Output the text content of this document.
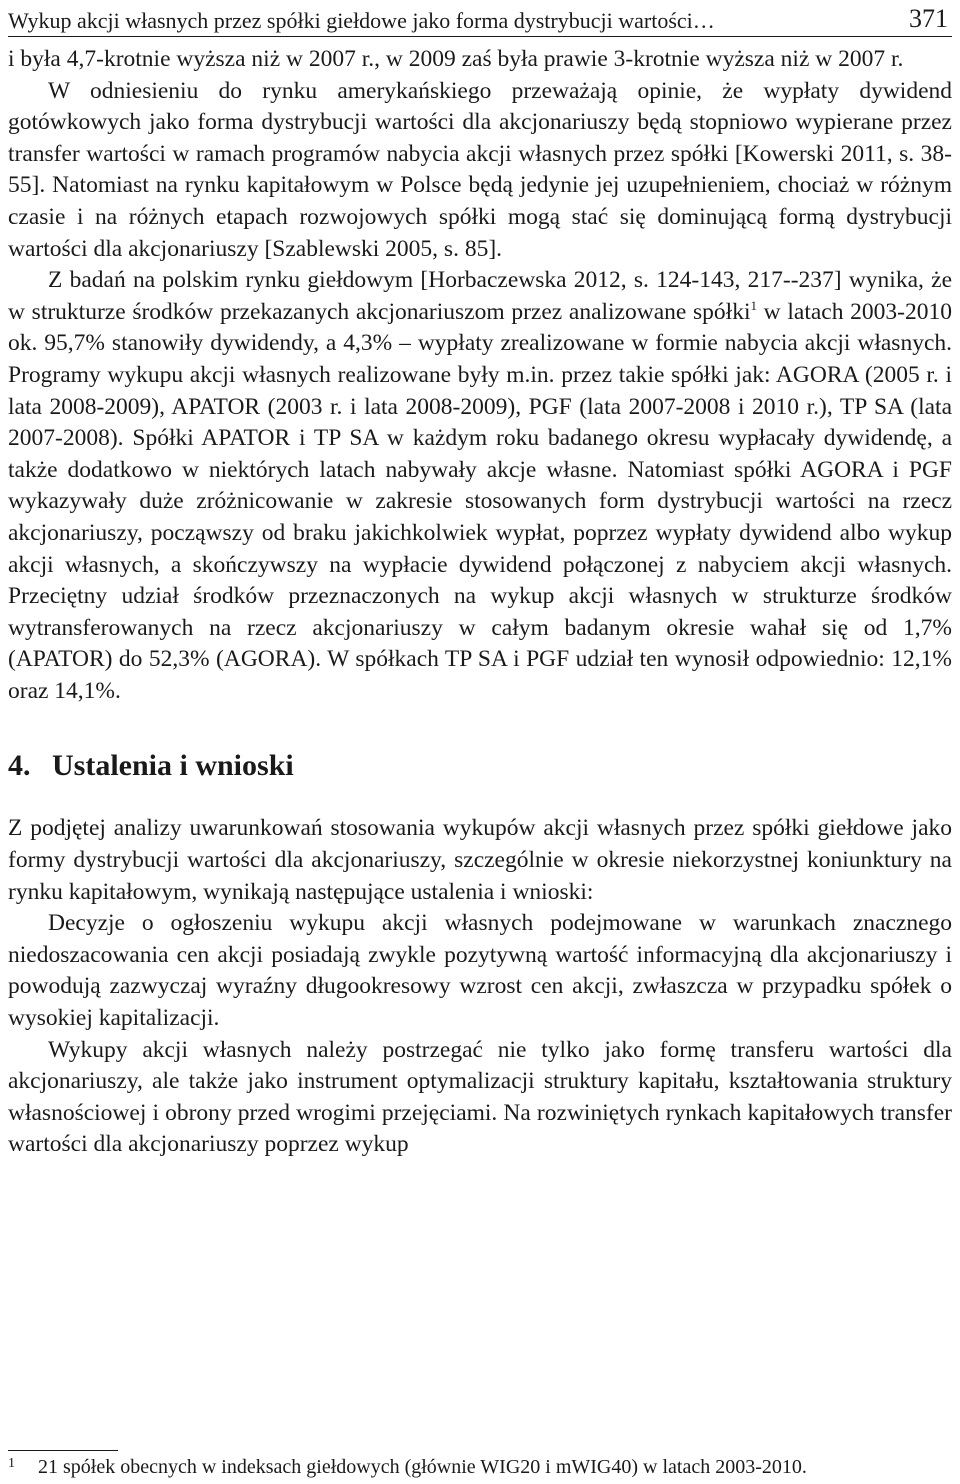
Wykup akcji własnych przez spółki giełdowe jako forma dystrybucji wartości…	371

i była 4,7-krotnie wyższa niż w 2007 r., w 2009 zaś była prawie 3-krotnie wyższa niż w 2007 r.

W odniesieniu do rynku amerykańskiego przeważają opinie, że wypłaty dywidend gotówkowych jako forma dystrybucji wartości dla akcjonariuszy będą stopniowo wypierane przez transfer wartości w ramach programów nabycia akcji własnych przez spółki [Kowerski 2011, s. 38-55]. Natomiast na rynku kapitałowym w Polsce będą jedynie jej uzupełnieniem, chociaż w różnym czasie i na różnych etapach rozwojowych spółki mogą stać się dominującą formą dystrybucji wartości dla akcjonariuszy [Szablewski 2005, s. 85].

Z badań na polskim rynku giełdowym [Horbaczewska 2012, s. 124-143, 217--237] wynika, że w strukturze środków przekazanych akcjonariuszom przez analizowane spółki$^1$ w latach 2003-2010 ok. 95,7% stanowiły dywidendy, a 4,3% – wypłaty zrealizowane w formie nabycia akcji własnych. Programy wykupu akcji własnych realizowane były m.in. przez takie spółki jak: AGORA (2005 r. i lata 2008-2009), APATOR (2003 r. i lata 2008-2009), PGF (lata 2007-2008 i 2010 r.), TP SA (lata 2007-2008). Spółki APATOR i TP SA w każdym roku badanego okresu wypłacały dywidendę, a także dodatkowo w niektórych latach nabywały akcje własne. Natomiast spółki AGORA i PGF wykazywały duże zróżnicowanie w zakresie stosowanych form dystrybucji wartości na rzecz akcjonariuszy, począwszy od braku jakichkolwiek wypłat, poprzez wypłaty dywidend albo wykup akcji własnych, a skończywszy na wypłacie dywidend połączonej z nabyciem akcji własnych. Przeciętny udział środków przeznaczonych na wykup akcji własnych w strukturze środków wytransferowanych na rzecz akcjonariuszy w całym badanym okresie wahał się od 1,7% (APATOR) do 52,3% (AGORA). W spółkach TP SA i PGF udział ten wynosił odpowiednio: 12,1% oraz 14,1%.

4. Ustalenia i wnioski

Z podjętej analizy uwarunkowań stosowania wykupów akcji własnych przez spółki giełdowe jako formy dystrybucji wartości dla akcjonariuszy, szczególnie w okresie niekorzystnej koniunktury na rynku kapitałowym, wynikają następujące ustalenia i wnioski:

Decyzje o ogłoszeniu wykupu akcji własnych podejmowane w warunkach znacznego niedoszacowania cen akcji posiadają zwykle pozytywną wartość informacyjną dla akcjonariuszy i powodują zazwyczaj wyraźny długookresowy wzrost cen akcji, zwłaszcza w przypadku spółek o wysokiej kapitalizacji.

Wykupy akcji własnych należy postrzegać nie tylko jako formę transferu wartości dla akcjonariuszy, ale także jako instrument optymalizacji struktury kapitału, kształtowania struktury własnościowej i obrony przed wrogimi przejęciami. Na rozwiniętych rynkach kapitałowych transfer wartości dla akcjonariuszy poprzez wykup

1 21 spółek obecnych w indeksach giełdowych (głównie WIG20 i mWIG40) w latach 2003-2010.
